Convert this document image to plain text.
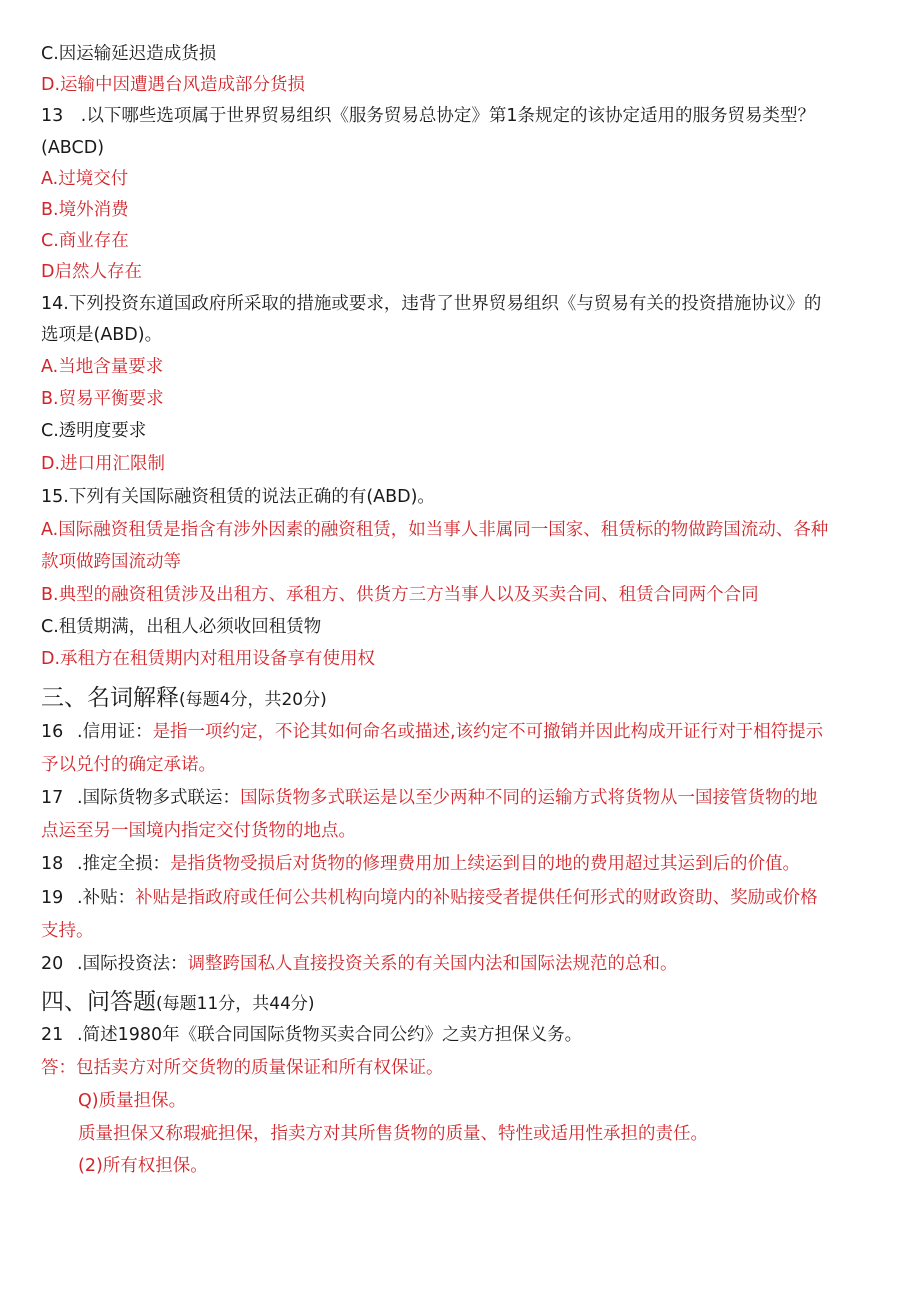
C.因运输延迟造成货损
D.运输中因遭遇台风造成部分货损
13 .以下哪些选项属于世界贸易组织《服务贸易总协定》第1条规定的该协定适用的服务贸易类型？
(ABCD)
A.过境交付
B.境外消费
C.商业存在
D启然人存在
14.下列投资东道国政府所采取的措施或要求，违背了世界贸易组织《与贸易有关的投资措施协议》的
选项是(ABD)。
A.当地含量要求
B.贸易平衡要求
C.透明度要求
D.进口用汇限制
15.下列有关国际融资租赁的说法正确的有(ABD)。
A.国际融资租赁是指含有涉外因素的融资租赁，如当事人非属同一国家、租赁标的物做跨国流动、各种
款项做跨国流动等
B.典型的融资租赁涉及出租方、承租方、供货方三方当事人以及买卖合同、租赁合同两个合同
C.租赁期满，出租人必须收回租赁物
D.承租方在租赁期内对租用设备享有使用权
三、名词解释(每题4分，共20分)
16 .信用证：是指一项约定，不论其如何命名或描述,该约定不可撤销并因此构成开证行对于相符提示
予以兑付的确定承诺。
17 .国际货物多式联运：国际货物多式联运是以至少两种不同的运输方式将货物从一国接管货物的地
点运至另一国境内指定交付货物的地点。
18 .推定全损：是指货物受损后对货物的修理费用加上续运到目的地的费用超过其运到后的价值。
19 .补贴：补贴是指政府或任何公共机构向境内的补贴接受者提供任何形式的财政资助、奖励或价格
支持。
20 .国际投资法：调整跨国私人直接投资关系的有关国内法和国际法规范的总和。
四、问答题(每题11分，共44分)
21 .简述1980年《联合同国际货物买卖合同公约》之卖方担保义务。
答：包括卖方对所交货物的质量保证和所有权保证。
Q)质量担保。
质量担保又称瑕疵担保，指卖方对其所售货物的质量、特性或适用性承担的责任。
(2)所有权担保。
